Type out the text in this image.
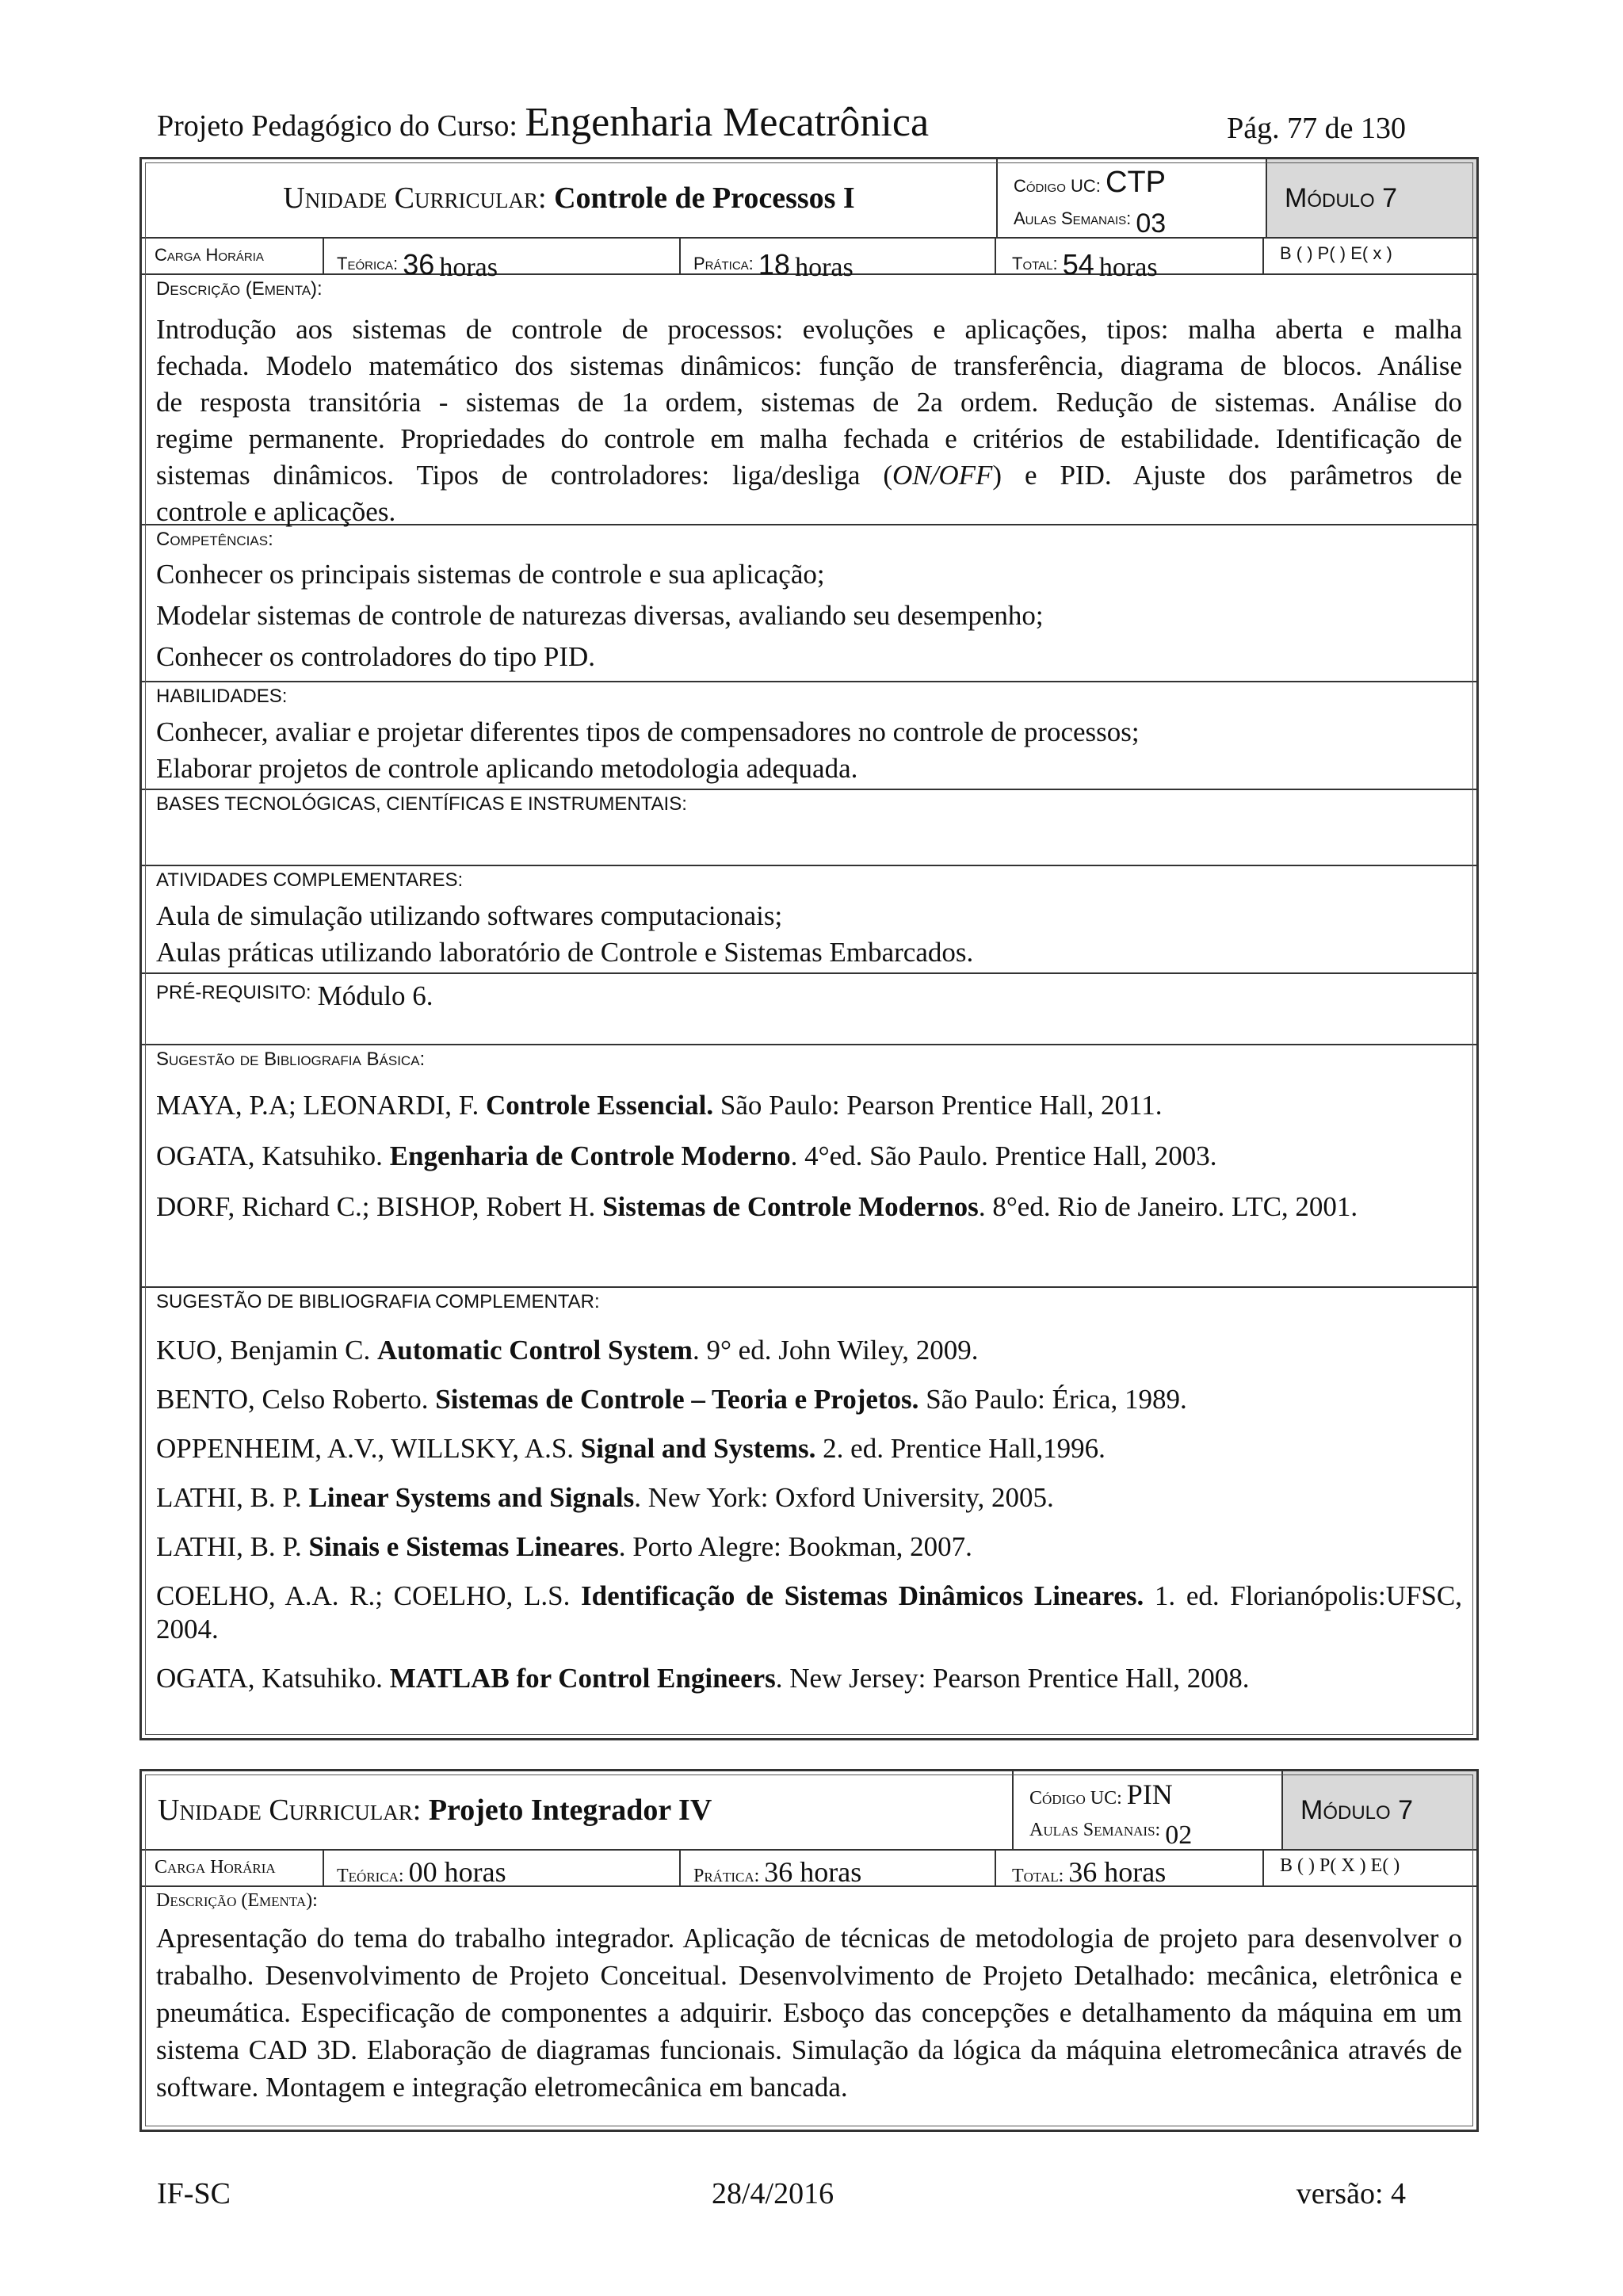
Projeto Pedagógico do Curso: Engenharia Mecatrônica	Pág. 77 de 130
Unidade Curricular:
Controle de Processos I	Código UC: CTP
Aulas Semanais: 03
Módulo 7
Carga Horária	Teórica: 36 horas	Prática: 18 horas	Total: 54 horas	B ( ) P( ) E( x )
Descrição (Ementa):
Introdução aos sistemas de controle de processos: evoluções e aplicações, tipos: malha aberta e malha
fechada. Modelo matemático dos sistemas dinâmicos: função de transferência, diagrama de blocos. Análise
de resposta transitória - sistemas de 1a ordem, sistemas de 2a ordem. Redução de sistemas. Análise do
regime permanente. Propriedades do controle em malha fechada e critérios de estabilidade. Identificação de
sistemas dinâmicos. Tipos de controladores: liga/desliga (ON/OFF) e PID. Ajuste dos parâmetros de
controle e aplicações.
Competências:
Conhecer os principais sistemas de controle e sua aplicação;
Modelar sistemas de controle de naturezas diversas, avaliando seu desempenho;
Conhecer os controladores do tipo PID.
HABILIDADES:
Conhecer, avaliar e projetar diferentes tipos de compensadores no controle de processos;
Elaborar projetos de controle aplicando metodologia adequada.
BASES TECNOLÓGICAS, CIENTÍFICAS E INSTRUMENTAIS:
ATIVIDADES COMPLEMENTARES:
Aula de simulação utilizando softwares computacionais;
Aulas práticas utilizando laboratório de Controle e Sistemas Embarcados.
PRÉ-REQUISITO:Módulo 6.
Sugestão de Bibliografia Básica:

MAYA, P.A; LEONARDI, F. Controle Essencial. São Paulo: Pearson Prentice Hall, 2011.

OGATA, Katsuhiko. Engenharia de Controle Moderno. 4°ed. São Paulo. Prentice Hall, 2003.

DORF, Richard C.; BISHOP, Robert H. Sistemas de Controle Modernos. 8°ed. Rio de Janeiro. LTC, 2001.

SUGESTÃO DE BIBLIOGRAFIA COMPLEMENTAR:

KUO, Benjamin C. Automatic Control System. 9° ed. John Wiley, 2009.

BENTO, Celso Roberto. Sistemas de Controle – Teoria e Projetos. São Paulo: Érica, 1989.

OPPENHEIM, A.V., WILLSKY, A.S. Signal and Systems. 2. ed. Prentice Hall,1996.

LATHI, B. P. Linear Systems and Signals. New York: Oxford University, 2005.

LATHI, B. P. Sinais e Sistemas Lineares. Porto Alegre: Bookman, 2007.

COELHO, A.A. R.; COELHO, L.S. Identificação de Sistemas Dinâmicos Lineares. 1. ed. Florianópolis:UFSC, 2004.

OGATA, Katsuhiko. MATLAB for Control Engineers. New Jersey: Pearson Prentice Hall, 2008.

Unidade Curricular:
Projeto Integrador IV	Código UC: PIN
Aulas Semanais: 02
Módulo 7
Carga Horária	Teórica: 00 horas	Prática: 36 horas	Total: 36 horas	B ( ) P( X ) E( )
Descrição (Ementa):
Apresentação do tema do trabalho integrador. Aplicação de técnicas de metodologia de projeto para desenvolver o trabalho. Desenvolvimento de Projeto Conceitual. Desenvolvimento de Projeto Detalhado: mecânica, eletrônica e pneumática. Especificação de componentes a adquirir. Esboço das concepções e detalhamento da máquina em um sistema CAD 3D. Elaboração de diagramas funcionais. Simulação da lógica da máquina eletromecânica através de software. Montagem e integração eletromecânica em bancada.
IF-SC	28/4/2016	versão: 4
